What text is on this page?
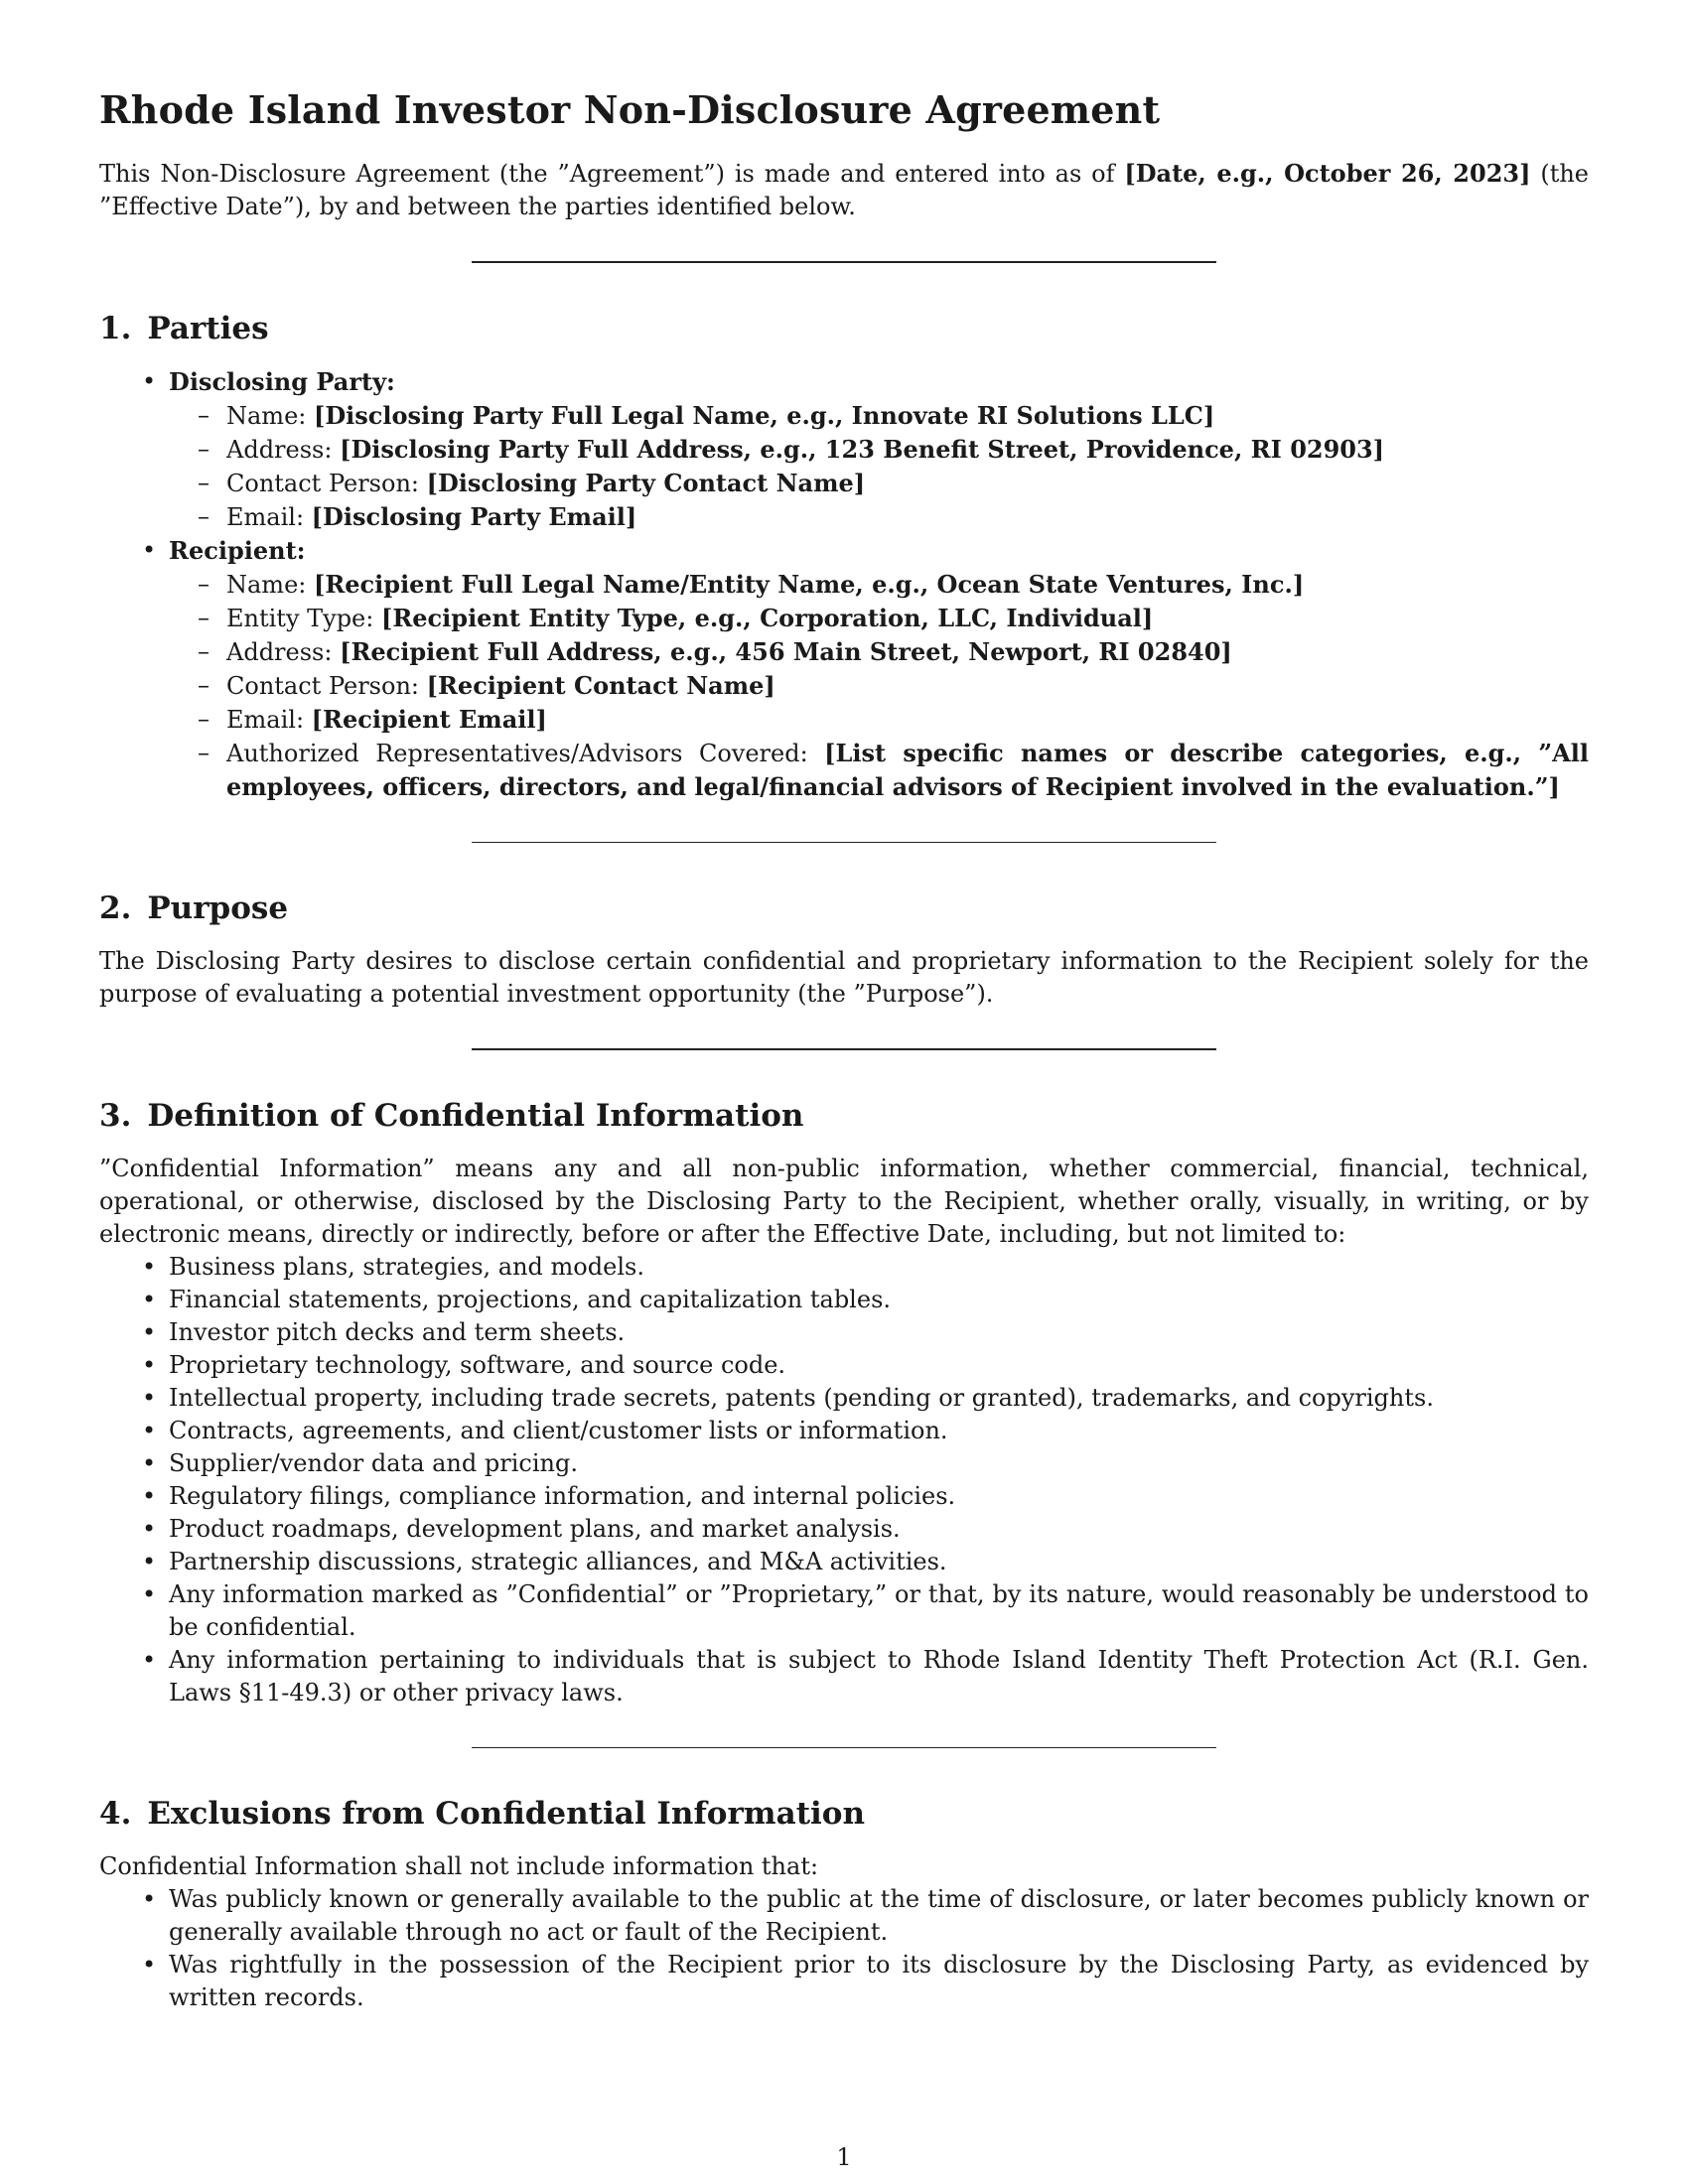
Rhode Island Investor Non-Disclosure Agreement

This Non-Disclosure Agreement (the ”Agreement”) is made and entered into as of [Date, e.g., October 26, 2023] (the ”Effective Date”), by and between the parties identified below.

1. Parties
• Disclosing Party:
– Name: [Disclosing Party Full Legal Name, e.g., Innovate RI Solutions LLC]
– Address: [Disclosing Party Full Address, e.g., 123 Benefit Street, Providence, RI 02903]
– Contact Person: [Disclosing Party Contact Name]
– Email: [Disclosing Party Email]
• Recipient:
– Name: [Recipient Full Legal Name/Entity Name, e.g., Ocean State Ventures, Inc.]
– Entity Type: [Recipient Entity Type, e.g., Corporation, LLC, Individual]
– Address: [Recipient Full Address, e.g., 456 Main Street, Newport, RI 02840]
– Contact Person: [Recipient Contact Name]
– Email: [Recipient Email]
– Authorized Representatives/Advisors Covered: [List specific names or describe categories, e.g., ”All employees, officers, directors, and legal/financial advisors of Recipient involved in the evaluation.”]
2. Purpose

The Disclosing Party desires to disclose certain confidential and proprietary information to the Recipient solely for the purpose of evaluating a potential investment opportunity (the ”Purpose”).

3. Definition of Confidential Information

”Confidential Information” means any and all non-public information, whether commercial, financial, technical, operational, or otherwise, disclosed by the Disclosing Party to the Recipient, whether orally, visually, in writing, or by electronic means, directly or indirectly, before or after the Effective Date, including, but not limited to:

• Business plans, strategies, and models.
• Financial statements, projections, and capitalization tables.
• Investor pitch decks and term sheets.
• Proprietary technology, software, and source code.
• Intellectual property, including trade secrets, patents (pending or granted), trademarks, and copyrights.
• Contracts, agreements, and client/customer lists or information.
• Supplier/vendor data and pricing.
• Regulatory filings, compliance information, and internal policies.
• Product roadmaps, development plans, and market analysis.
• Partnership discussions, strategic alliances, and M&A activities.
• Any information marked as ”Confidential” or ”Proprietary,” or that, by its nature, would reasonably be understood to be confidential.
• Any information pertaining to individuals that is subject to Rhode Island Identity Theft Protection Act (R.I. Gen. Laws §11-49.3) or other privacy laws.
4. Exclusions from Confidential Information

Confidential Information shall not include information that:

• Was publicly known or generally available to the public at the time of disclosure, or later becomes publicly known or generally available through no act or fault of the Recipient.
• Was rightfully in the possession of the Recipient prior to its disclosure by the Disclosing Party, as evidenced by written records.
1
